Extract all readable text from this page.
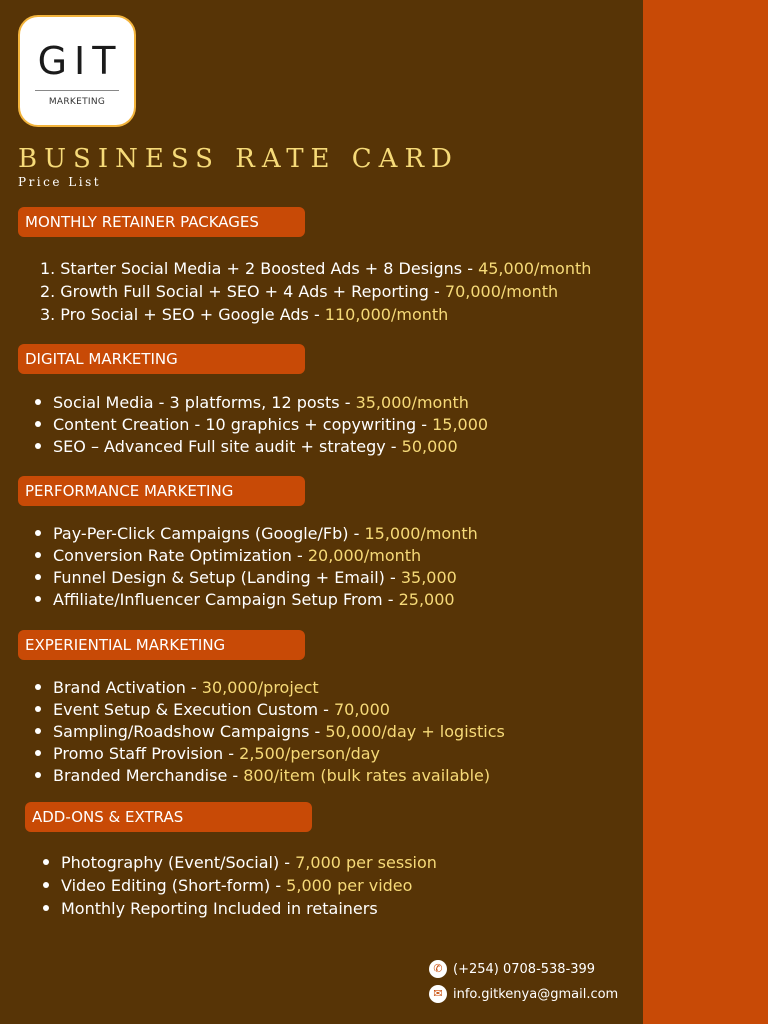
GIT
MARKETING
BUSINESS RATE CARD
Price List
MONTHLY RETAINER PACKAGES
1. Starter Social Media + 2 Boosted Ads + 8 Designs - 45,000/month
2. Growth Full Social + SEO + 4 Ads + Reporting - 70,000/month
3. Pro Social + SEO + Google Ads - 110,000/month
DIGITAL MARKETING
Social Media - 3 platforms, 12 posts - 35,000/month
Content Creation - 10 graphics + copywriting - 15,000
SEO – Advanced Full site audit + strategy - 50,000
PERFORMANCE MARKETING
Pay-Per-Click Campaigns (Google/Fb) - 15,000/month
Conversion Rate Optimization - 20,000/month
Funnel Design & Setup (Landing + Email) - 35,000
Affiliate/Influencer Campaign Setup From - 25,000
EXPERIENTIAL MARKETING
Brand Activation - 30,000/project
Event Setup & Execution Custom - 70,000
Sampling/Roadshow Campaigns - 50,000/day + logistics
Promo Staff Provision - 2,500/person/day
Branded Merchandise - 800/item (bulk rates available)
ADD-ONS & EXTRAS
Photography (Event/Social) - 7,000 per session
Video Editing (Short-form) - 5,000 per video
Monthly Reporting Included in retainers
✆ (+254) 0708-538-399
✉ info.gitkenya@gmail.com
